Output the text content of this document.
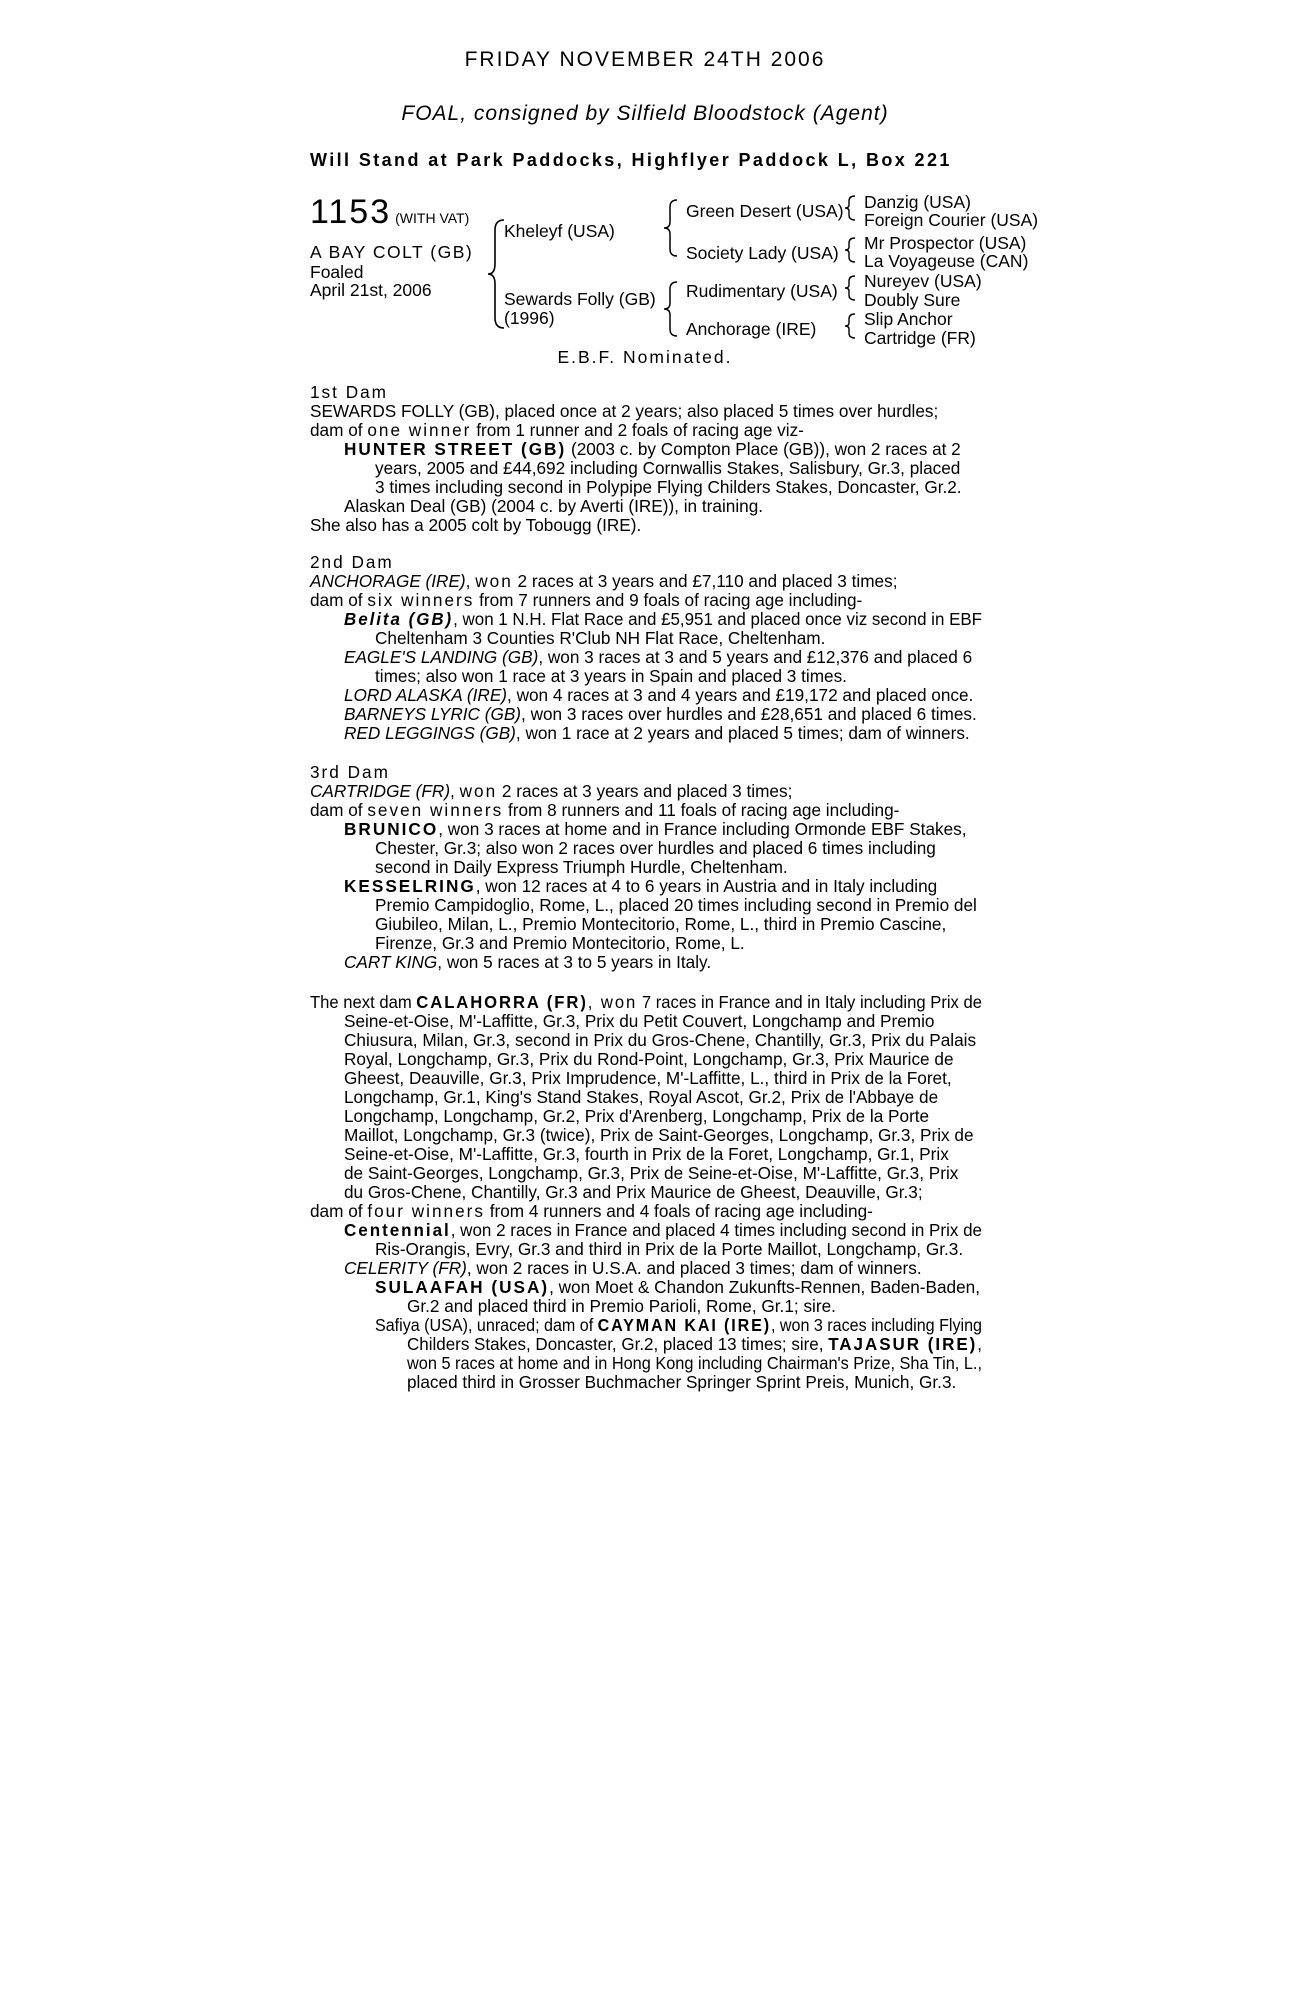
FRIDAY NOVEMBER 24TH 2006
FOAL, consigned by Silfield Bloodstock (Agent)
Will Stand at Park Paddocks, Highflyer Paddock L, Box 221
1153 (WITH VAT)
A BAY COLT (GB)
Foaled
April 21st, 2006
Kheleyf (USA)
Sewards Folly (GB)
(1996)
Green Desert (USA)
Society Lady (USA)
Rudimentary (USA)
Anchorage (IRE)
Danzig (USA)
Foreign Courier (USA)
Mr Prospector (USA)
La Voyageuse (CAN)
Nureyev (USA)
Doubly Sure
Slip Anchor
Cartridge (FR)
E.B.F. Nominated.
1st Dam
SEWARDS FOLLY (GB), placed once at 2 years; also placed 5 times over hurdles;
dam of one winner from 1 runner and 2 foals of racing age viz-
HUNTER STREET (GB) (2003 c. by Compton Place (GB)), won 2 races at 2
years, 2005 and £44,692 including Cornwallis Stakes, Salisbury, Gr.3, placed
3 times including second in Polypipe Flying Childers Stakes, Doncaster, Gr.2.
Alaskan Deal (GB) (2004 c. by Averti (IRE)), in training.
She also has a 2005 colt by Tobougg (IRE).
2nd Dam
ANCHORAGE (IRE), won 2 races at 3 years and £7,110 and placed 3 times;
dam of six winners from 7 runners and 9 foals of racing age including-
Belita (GB), won 1 N.H. Flat Race and £5,951 and placed once viz second in EBF
Cheltenham 3 Counties R'Club NH Flat Race, Cheltenham.
EAGLE'S LANDING (GB), won 3 races at 3 and 5 years and £12,376 and placed 6
times; also won 1 race at 3 years in Spain and placed 3 times.
LORD ALASKA (IRE), won 4 races at 3 and 4 years and £19,172 and placed once.
BARNEYS LYRIC (GB), won 3 races over hurdles and £28,651 and placed 6 times.
RED LEGGINGS (GB), won 1 race at 2 years and placed 5 times; dam of winners.
3rd Dam
CARTRIDGE (FR), won 2 races at 3 years and placed 3 times;
dam of seven winners from 8 runners and 11 foals of racing age including-
BRUNICO, won 3 races at home and in France including Ormonde EBF Stakes,
Chester, Gr.3; also won 2 races over hurdles and placed 6 times including
second in Daily Express Triumph Hurdle, Cheltenham.
KESSELRING, won 12 races at 4 to 6 years in Austria and in Italy including
Premio Campidoglio, Rome, L., placed 20 times including second in Premio del
Giubileo, Milan, L., Premio Montecitorio, Rome, L., third in Premio Cascine,
Firenze, Gr.3 and Premio Montecitorio, Rome, L.
CART KING, won 5 races at 3 to 5 years in Italy.
The next dam CALAHORRA (FR), won 7 races in France and in Italy including Prix de
Seine-et-Oise, M'-Laffitte, Gr.3, Prix du Petit Couvert, Longchamp and Premio
Chiusura, Milan, Gr.3, second in Prix du Gros-Chene, Chantilly, Gr.3, Prix du Palais
Royal, Longchamp, Gr.3, Prix du Rond-Point, Longchamp, Gr.3, Prix Maurice de
Gheest, Deauville, Gr.3, Prix Imprudence, M'-Laffitte, L., third in Prix de la Foret,
Longchamp, Gr.1, King's Stand Stakes, Royal Ascot, Gr.2, Prix de l'Abbaye de
Longchamp, Longchamp, Gr.2, Prix d'Arenberg, Longchamp, Prix de la Porte
Maillot, Longchamp, Gr.3 (twice), Prix de Saint-Georges, Longchamp, Gr.3, Prix de
Seine-et-Oise, M'-Laffitte, Gr.3, fourth in Prix de la Foret, Longchamp, Gr.1, Prix
de Saint-Georges, Longchamp, Gr.3, Prix de Seine-et-Oise, M'-Laffitte, Gr.3, Prix
du Gros-Chene, Chantilly, Gr.3 and Prix Maurice de Gheest, Deauville, Gr.3;
dam of four winners from 4 runners and 4 foals of racing age including-
Centennial, won 2 races in France and placed 4 times including second in Prix de
Ris-Orangis, Evry, Gr.3 and third in Prix de la Porte Maillot, Longchamp, Gr.3.
CELERITY (FR), won 2 races in U.S.A. and placed 3 times; dam of winners.
SULAAFAH (USA), won Moet & Chandon Zukunfts-Rennen, Baden-Baden,
Gr.2 and placed third in Premio Parioli, Rome, Gr.1; sire.
Safiya (USA), unraced; dam of CAYMAN KAI (IRE), won 3 races including Flying
Childers Stakes, Doncaster, Gr.2, placed 13 times; sire, TAJASUR (IRE),
won 5 races at home and in Hong Kong including Chairman's Prize, Sha Tin, L.,
placed third in Grosser Buchmacher Springer Sprint Preis, Munich, Gr.3.
